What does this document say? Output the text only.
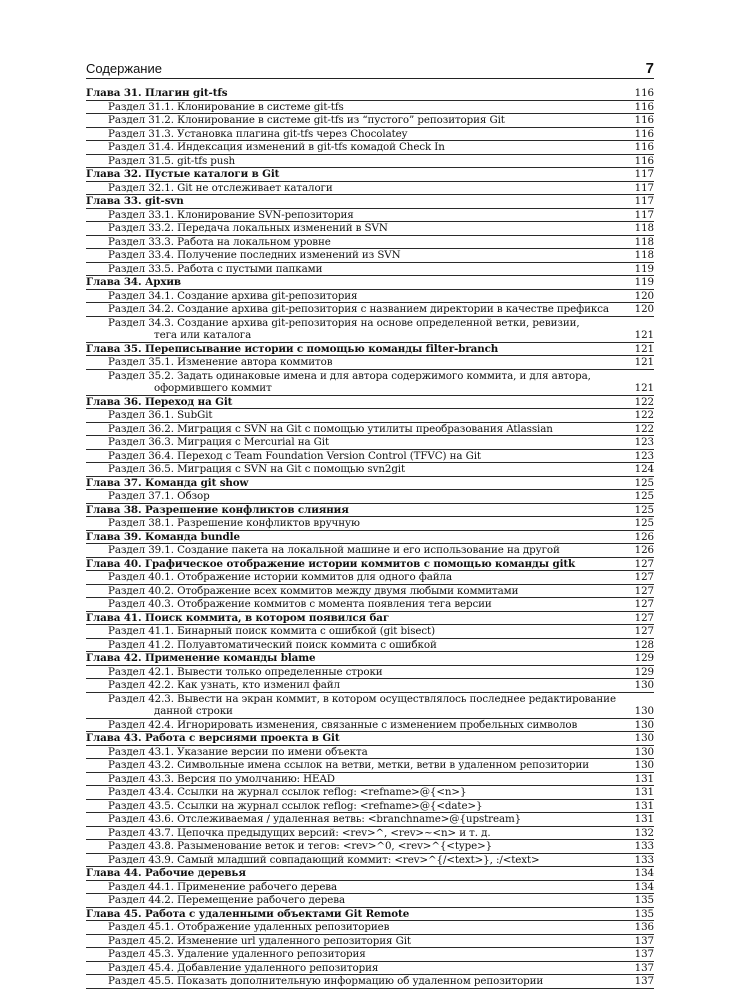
Содержание	7
Глава 31. Плагин git-tfs	116
Раздел 31.1. Клонирование в системе git-tfs	116
Раздел 31.2. Клонирование в системе git-tfs из “пустого” репозитория Git	116
Раздел 31.3. Установка плагина git-tfs через Chocolatey	116
Раздел 31.4. Индексация изменений в git-tfs комадой Check In	116
Раздел 31.5. git-tfs push	116
Глава 32. Пустые каталоги в Git	117
Раздел 32.1. Git не отслеживает каталоги	117
Глава 33. git-svn	117
Раздел 33.1. Клонирование SVN-репозитория	117
Раздел 33.2. Передача локальных изменений в SVN	118
Раздел 33.3. Работа на локальном уровне	118
Раздел 33.4. Получение последних изменений из SVN	118
Раздел 33.5. Работа с пустыми папками	119
Глава 34. Архив	119
Раздел 34.1. Создание архива git-репозитория	120
Раздел 34.2. Создание архива git-репозитория с названием директории в качестве префикса	120
Раздел 34.3. Создание архива git-репозитория на основе определенной ветки, ревизии,
тега или каталога	121
Глава 35. Переписывание истории с помощью команды filter-branch	121
Раздел 35.1. Изменение автора коммитов	121
Раздел 35.2. Задать одинаковые имена и для автора содержимого коммита, и для автора,
оформившего коммит	121
Глава 36. Переход на Git	122
Раздел 36.1. SubGit	122
Раздел 36.2. Миграция с SVN на Git с помощью утилиты преобразования Atlassian	122
Раздел 36.3. Миграция с Mercurial на Git	123
Раздел 36.4. Переход с Team Foundation Version Control (TFVC) на Git	123
Раздел 36.5. Миграция с SVN на Git с помощью svn2git	124
Глава 37. Команда git show	125
Раздел 37.1. Обзор	125
Глава 38. Разрешение конфликтов слияния	125
Раздел 38.1. Разрешение конфликтов вручную	125
Глава 39. Команда bundle	126
Раздел 39.1. Создание пакета на локальной машине и его использование на другой	126
Глава 40. Графическое отображение истории коммитов с помощью команды gitk	127
Раздел 40.1. Отображение истории коммитов для одного файла	127
Раздел 40.2. Отображение всех коммитов между двумя любыми коммитами	127
Раздел 40.3. Отображение коммитов с момента появления тега версии	127
Глава 41. Поиск коммита, в котором появился баг	127
Раздел 41.1. Бинарный поиск коммита с ошибкой (git bisect)	127
Раздел 41.2. Полуавтоматический поиск коммита с ошибкой	128
Глава 42. Применение команды blame	129
Раздел 42.1. Вывести только определенные строки	129
Раздел 42.2. Как узнать, кто изменил файл	130
Раздел 42.3. Вывести на экран коммит, в котором осуществлялось последнее редактирование
данной строки	130
Раздел 42.4. Игнорировать изменения, связанные с изменением пробельных символов	130
Глава 43. Работа с версиями проекта в Git	130
Раздел 43.1. Указание версии по имени объекта	130
Раздел 43.2. Символьные имена ссылок на ветви, метки, ветви в удаленном репозитории	130
Раздел 43.3. Версия по умолчанию: HEAD	131
Раздел 43.4. Ссылки на журнал ссылок reflog: <refname>@{<n>}	131
Раздел 43.5. Ссылки на журнал ссылок reflog: <refname>@{<date>}	131
Раздел 43.6. Отслеживаемая / удаленная ветвь: <branchname>@{upstream}	131
Раздел 43.7. Цепочка предыдущих версий: <rev>^, <rev>~<n> и т. д.	132
Раздел 43.8. Разыменование веток и тегов: <rev>^0, <rev>^{<type>}	133
Раздел 43.9. Самый младший совпадающий коммит: <rev>^{/<text>}, :/<text>	133
Глава 44. Рабочие деревья	134
Раздел 44.1. Применение рабочего дерева	134
Раздел 44.2. Перемещение рабочего дерева	135
Глава 45. Работа с удаленными объектами Git Remote	135
Раздел 45.1. Отображение удаленных репозиториев	136
Раздел 45.2. Изменение url удаленного репозитория Git	137
Раздел 45.3. Удаление удаленного репозитория	137
Раздел 45.4. Добавление удаленного репозитория	137
Раздел 45.5. Показать дополнительную информацию об удаленном репозитории	137
